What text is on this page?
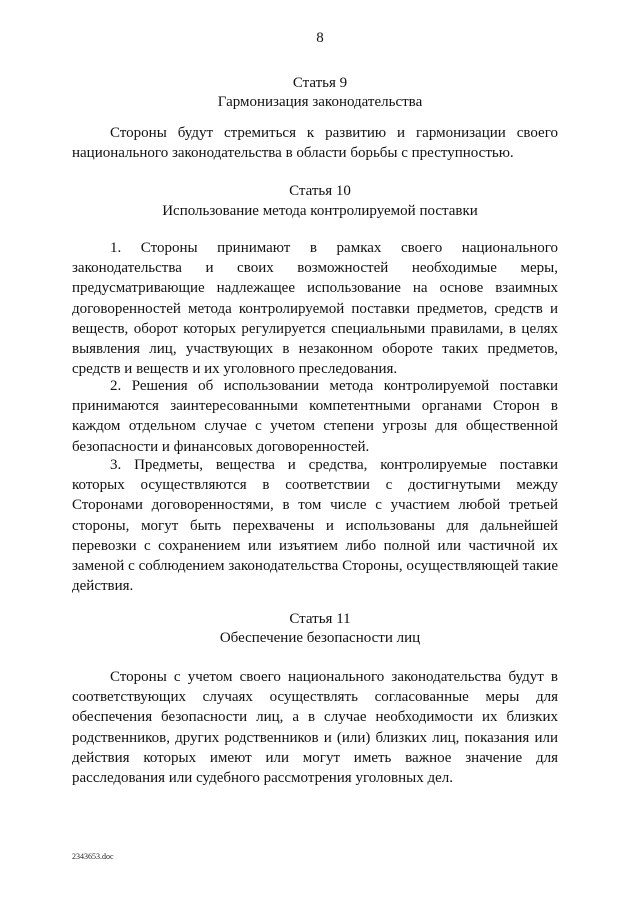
8
Статья 9
Гармонизация законодательства

Стороны будут стремиться к развитию и гармонизации своего национального законодательства в области борьбы с преступностью.

Статья 10
Использование метода контролируемой поставки

1. Стороны принимают в рамках своего национального законодательства и своих возможностей необходимые меры, предусматривающие надлежащее использование на основе взаимных договоренностей метода контролируемой поставки предметов, средств и веществ, оборот которых регулируется специальными правилами, в целях выявления лиц, участвующих в незаконном обороте таких предметов, средств и веществ и их уголовного преследования.

2. Решения об использовании метода контролируемой поставки принимаются заинтересованными компетентными органами Сторон в каждом отдельном случае с учетом степени угрозы для общественной безопасности и финансовых договоренностей.

3. Предметы, вещества и средства, контролируемые поставки которых осуществляются в соответствии с достигнутыми между Сторонами договоренностями, в том числе с участием любой третьей стороны, могут быть перехвачены и использованы для дальнейшей перевозки с сохранением или изъятием либо полной или частичной их заменой с соблюдением законодательства Стороны, осуществляющей такие действия.

Статья 11
Обеспечение безопасности лиц

Стороны с учетом своего национального законодательства будут в соответствующих случаях осуществлять согласованные меры для обеспечения безопасности лиц, а в случае необходимости их близких родственников, других родственников и (или) близких лиц, показания или действия которых имеют или могут иметь важное значение для расследования или судебного рассмотрения уголовных дел.

2343653.doc
